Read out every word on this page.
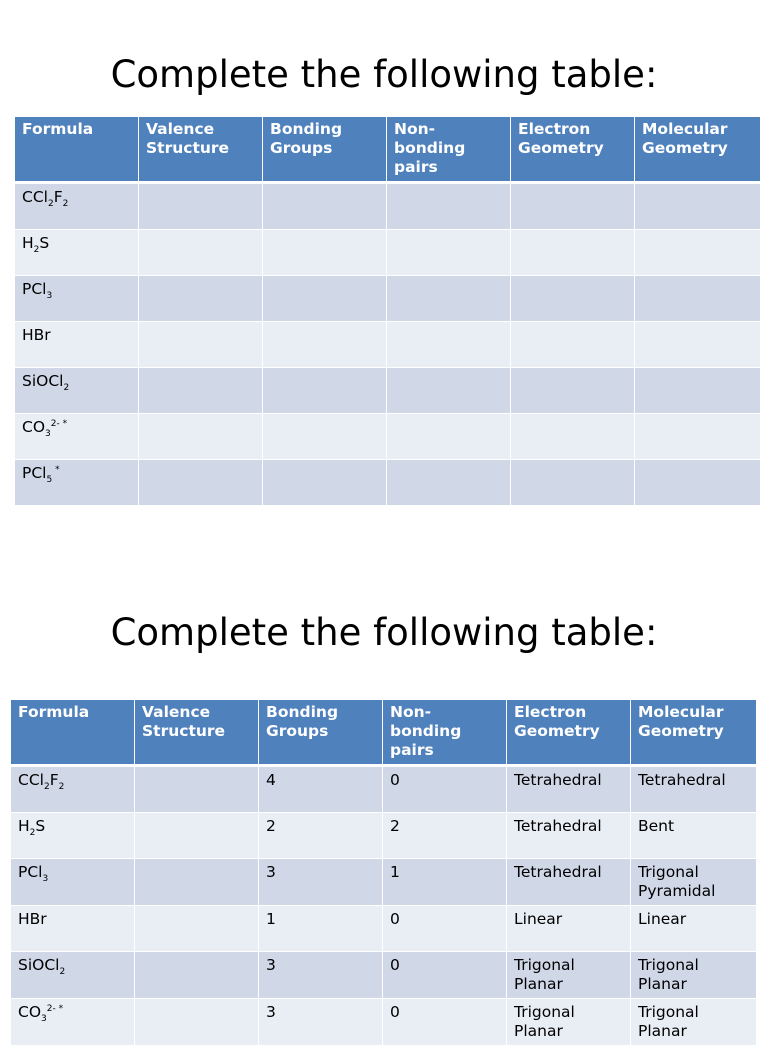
Complete the following table:
Formula	Valence Structure	Bonding Groups	Non-bonding pairs	Electron Geometry	Molecular Geometry
$CCl_2F_2$					
$H_2S$					
PCl$_3$					
HBr					
SiOCl$_2$					
$CO_3^{2- *}$					
PCl$_5$ *					
Complete the following table:
Formula	Valence Structure	Bonding Groups	Non-bonding pairs	Electron Geometry	Molecular Geometry
$CCl_2F_2$		4	0	Tetrahedral	Tetrahedral
$H_2S$		2	2	Tetrahedral	Bent
PCl$_3$		3	1	Tetrahedral	Trigonal Pyramidal
HBr		1	0	Linear	Linear
SiOCl$_2$		3	0	Trigonal Planar	Trigonal Planar
$CO_3^{2- *}$		3	0	Trigonal Planar	Trigonal Planar
